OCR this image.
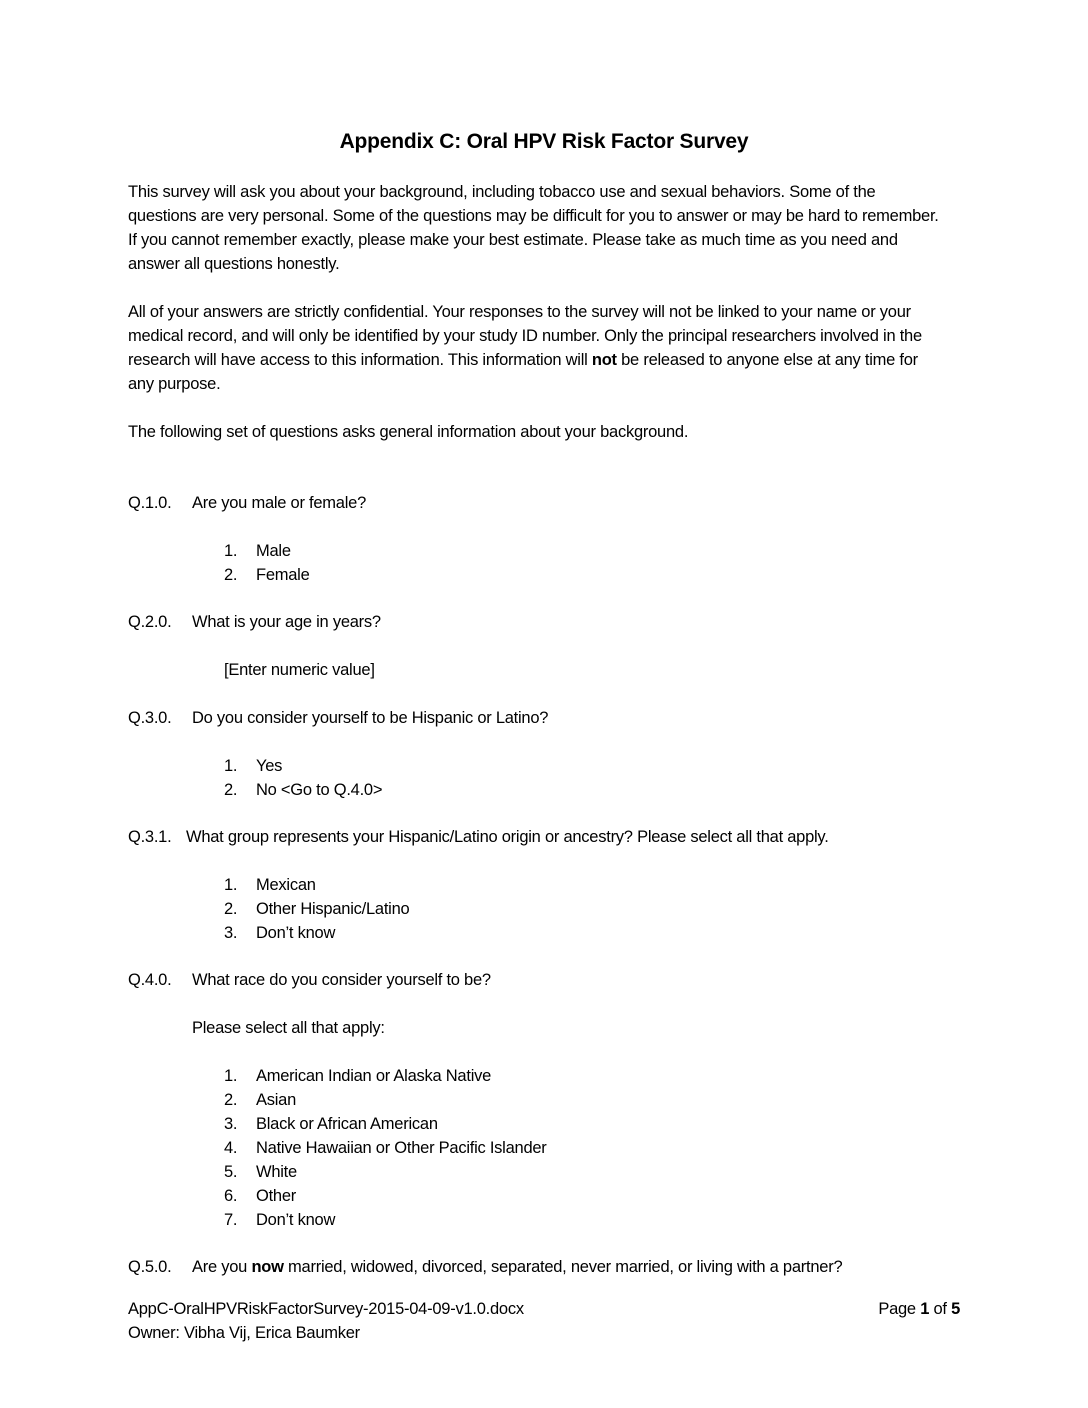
Appendix C: Oral HPV Risk Factor Survey

This survey will ask you about your background, including tobacco use and sexual behaviors. Some of the questions are very personal. Some of the questions may be difficult for you to answer or may be hard to remember. If you cannot remember exactly, please make your best estimate. Please take as much time as you need and answer all questions honestly.

All of your answers are strictly confidential. Your responses to the survey will not be linked to your name or your medical record, and will only be identified by your study ID number. Only the principal researchers involved in the research will have access to this information. This information will not be released to anyone else at any time for any purpose.

The following set of questions asks general information about your background.

Q.1.0. Are you male or female?
1.	Male
2.	Female
Q.2.0. What is your age in years?
[Enter numeric value]
Q.3.0. Do you consider yourself to be Hispanic or Latino?
1.	Yes
2.	No <Go to Q.4.0>
Q.3.1. What group represents your Hispanic/Latino origin or ancestry? Please select all that apply.
1.	Mexican
2.	Other Hispanic/Latino
3.	Don’t know
Q.4.0. What race do you consider yourself to be?
Please select all that apply:
1.	American Indian or Alaska Native
2.	Asian
3.	Black or African American
4.	Native Hawaiian or Other Pacific Islander
5.	White
6.	Other
7.	Don’t know
Q.5.0. Are you now married, widowed, divorced, separated, never married, or living with a partner?
AppC-OralHPVRiskFactorSurvey-2015-04-09-v1.0.docx
Owner: Vibha Vij, Erica Baumker
Page 1 of 5
